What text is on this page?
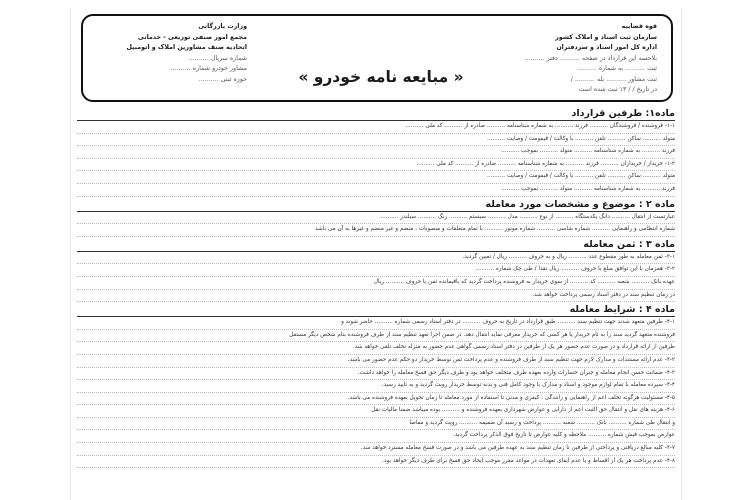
قوه قضاییه
سازمان ثبت اسناد و املاک کشور
اداره کل امور اسناد و سردفتران
بلاحسه این قرارداد در صفحه .......... دفتر ..........
ثبت .......... به شماره ..........
ثبت مشاور .......... بله .......... /
در تاریخ / / ۱۳ ثبت شده است
وزارت بازرگانی
مجمع امور صنفی توزیعی - خدماتی
اتحادیه صنف مشاورین املاک و اتومبیل
شماره سریال ..........
مشاور خودرو شماره ..........
حوزه ثبتی ..........	« مبایعه نامه خودرو »
ماده۱: طرفین قرارداد
۱-۱- فروشنده / فروشندگان .......... فرزند .......... به شماره شناسنامه .......... صادره از .......... کد ملی ..........
متولد .......... ساکن .......... تلفن .......... با وکالت / قیمومت / وصایت ..........
فرزند .......... به شماره شناسنامه .......... متولد .......... بموجب ..........
۱-۲- خریدار / خریداران .......... فرزند .......... به شماره شناسنامه .......... صادره از .......... کد ملی ..........
متولد .......... ساکن .......... تلفن .......... با وکالت / قیمومت / وصایت ..........
فرزند .......... به شماره شناسنامه .......... متولد .......... بموجب ..........
ماده ۲ : موضوع و مشخصات مورد معامله
عبارتست از انتقال .......... دانگ یکدستگاه .......... از نوع .......... مدل .......... سیستم .......... رنگ .......... سیلندر ..........
شماره انتظامی و راهنمایی .......... شماره شاسی .......... شماره موتور .......... با تمام متعلقات و منصوبات ، منضم و غیر منضم و غیرها به آن می باشد
ماده ۳ : ثمن معامله
۳-۱- ثمن معامله به طور مقطوع عدد .......... ریال و به حروف .......... ریال / تعیین گردید.
۳-۲- همزمان با این توافق مبلغ با حروف .......... ریال نقدا / طی چک شماره ..........
عهده بانک .......... شعبه .......... کد .......... از سوی خریدار به فروشنده پرداخت گردید که باقیمانده ثمن با حروف .......... ریال
در زمان تنظیم سند در دفتر اسناد رسمی پرداخت خواهد شد.
ماده ۴ : شرایط معامله
۴-۱- طرفین متعهد شدند جهت تنظیم سند .......... طبق قرارداد در تاریخ به حروف .......... در دفتر اسناد رسمی شماره .......... حاضر شوند و
فروشنده متعهد گردید سند را به نام خریدار یا هر کسی که خریدار معرفی نماید انتقال دهد. در ضمن اجرا تعهد تنظیم سند از طرف فروشنده بنام شخص دیگر مستقل
طرفین از ارائه قرارداد و در صورت عدم حضور هر یک از طرفین در دفتر اسناد رسمی گواهی عدم حضور به منزله تخلف تلقی خواهد شد.
۴-۲- عدم ارائه مستندات و مدارک لازم جهت تنظیم سند از طرف فروشنده و عدم پرداخت ثمن توسط خریدار دو حکم عدم حضور می باشد.
۴-۳- ضمانت حسن انجام معامله و جبران خسارات وارده بعهده طرف متخلف خواهد بود و طرف دیگر حق فسخ معامله را خواهد داشت.
۴-۴- سپرده معامله با تمام لوازم موجود و اسناد و مدارک با وجود کامل فنی و بدنه توسط خریدار رویت گردید و به تایید رسید.
۴-۵- مسئولیت هرگونه تخلف اعم از راهنمایی و رانندگی ، کیفری و مدنی تا استفاده از مورد معامله تا زمان تحویل بعهده فروشنده می باشد.
۴-۶- هزینه های نقل و انتقال حق الثبت اعم از دارایی و عوارض شهرداری بعهده فروشنده و .......... بوده میباشد ضمنا مالیات نقل
و انتقال طی شماره .......... بانک .......... شعبه .......... پرداخت و رسید آن ضمیمه .......... رویت گردید و مفاصا
عوارض بموجب فیش شماره .......... ملاحظه و کلیه عوارض تا تاریخ فوق الذکر پرداخت گردید.
۴-۷- کلیه مبالغ دریافتی و پرداختی از طرفین تا زمان تنظیم سند به عهده طرفین می باشد و در صورت فسخ معامله مسترد خواهد شد.
۴-۸- عدم پرداخت هر یک از اقساط و یا عدم ایفای تعهدات در مواعد مقرر موجب ایجاد حق فسخ برای طرف دیگر خواهد بود.
